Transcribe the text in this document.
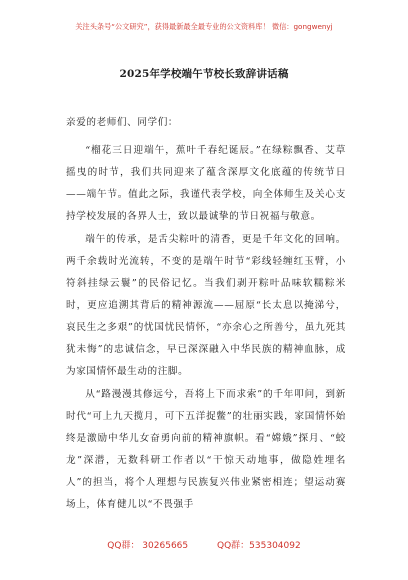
关注头条号“公文研究”，获得最新最全最专业的公文资料库！ 微信：gongwenyj
2025年学校端午节校长致辞讲话稿

亲爱的老师们、同学们：

“榴花三日迎端午，蕉叶千春纪诞辰。”在绿粽飘香、艾草摇曳的时节，我们共同迎来了蕴含深厚文化底蕴的传统节日——端午节。值此之际，我谨代表学校，向全体师生及关心支持学校发展的各界人士，致以最诚挚的节日祝福与敬意。

端午的传承，是舌尖粽叶的清香，更是千年文化的回响。两千余载时光流转，不变的是端午时节“彩线轻缠红玉臂，小符斜挂绿云鬟”的民俗记忆。当我们剥开粽叶品味软糯粽米时，更应追溯其背后的精神源流——屈原“长太息以掩涕兮，哀民生之多艰”的忧国忧民情怀，“亦余心之所善兮，虽九死其犹未悔”的忠诚信念，早已深深融入中华民族的精神血脉，成为家国情怀最生动的注脚。

从“路漫漫其修远兮，吾将上下而求索”的千年叩问，到新时代“可上九天揽月，可下五洋捉鳖”的壮丽实践，家国情怀始终是激励中华儿女奋勇向前的精神旗帜。看“嫦娥”探月、“蛟龙”深潜，无数科研工作者以“干惊天动地事，做隐姓埋名人”的担当，将个人理想与民族复兴伟业紧密相连；望运动赛场上，体育健儿以“不畏强手

QQ群： 30265665	QQ群：535304092
